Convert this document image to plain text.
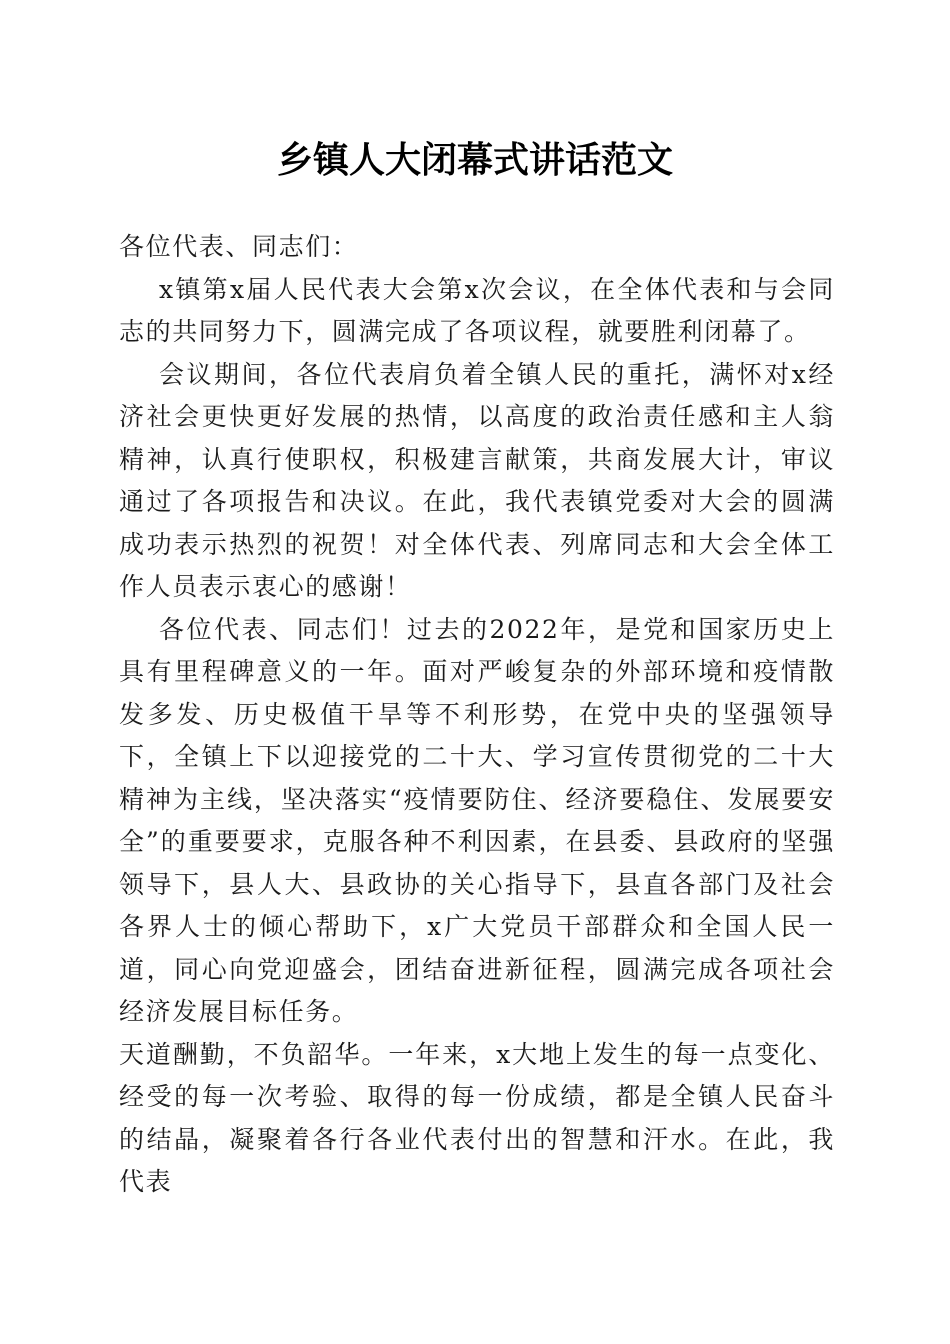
乡镇人大闭幕式讲话范文

各位代表、同志们：

x镇第x届人民代表大会第x次会议，在全体代表和与会同志的共同努力下，圆满完成了各项议程，就要胜利闭幕了。

会议期间，各位代表肩负着全镇人民的重托，满怀对x经济社会更快更好发展的热情，以高度的政治责任感和主人翁精神，认真行使职权，积极建言献策，共商发展大计，审议通过了各项报告和决议。在此，我代表镇党委对大会的圆满成功表示热烈的祝贺！对全体代表、列席同志和大会全体工作人员表示衷心的感谢！

各位代表、同志们！过去的2022年，是党和国家历史上具有里程碑意义的一年。面对严峻复杂的外部环境和疫情散发多发、历史极值干旱等不利形势，在党中央的坚强领导下，全镇上下以迎接党的二十大、学习宣传贯彻党的二十大精神为主线，坚决落实“疫情要防住、经济要稳住、发展要安全”的重要要求，克服各种不利因素，在县委、县政府的坚强领导下，县人大、县政协的关心指导下，县直各部门及社会各界人士的倾心帮助下，x广大党员干部群众和全国人民一道，同心向党迎盛会，团结奋进新征程，圆满完成各项社会经济发展目标任务。

天道酬勤，不负韶华。一年来，x大地上发生的每一点变化、经受的每一次考验、取得的每一份成绩，都是全镇人民奋斗的结晶，凝聚着各行各业代表付出的智慧和汗水。在此，我代表
